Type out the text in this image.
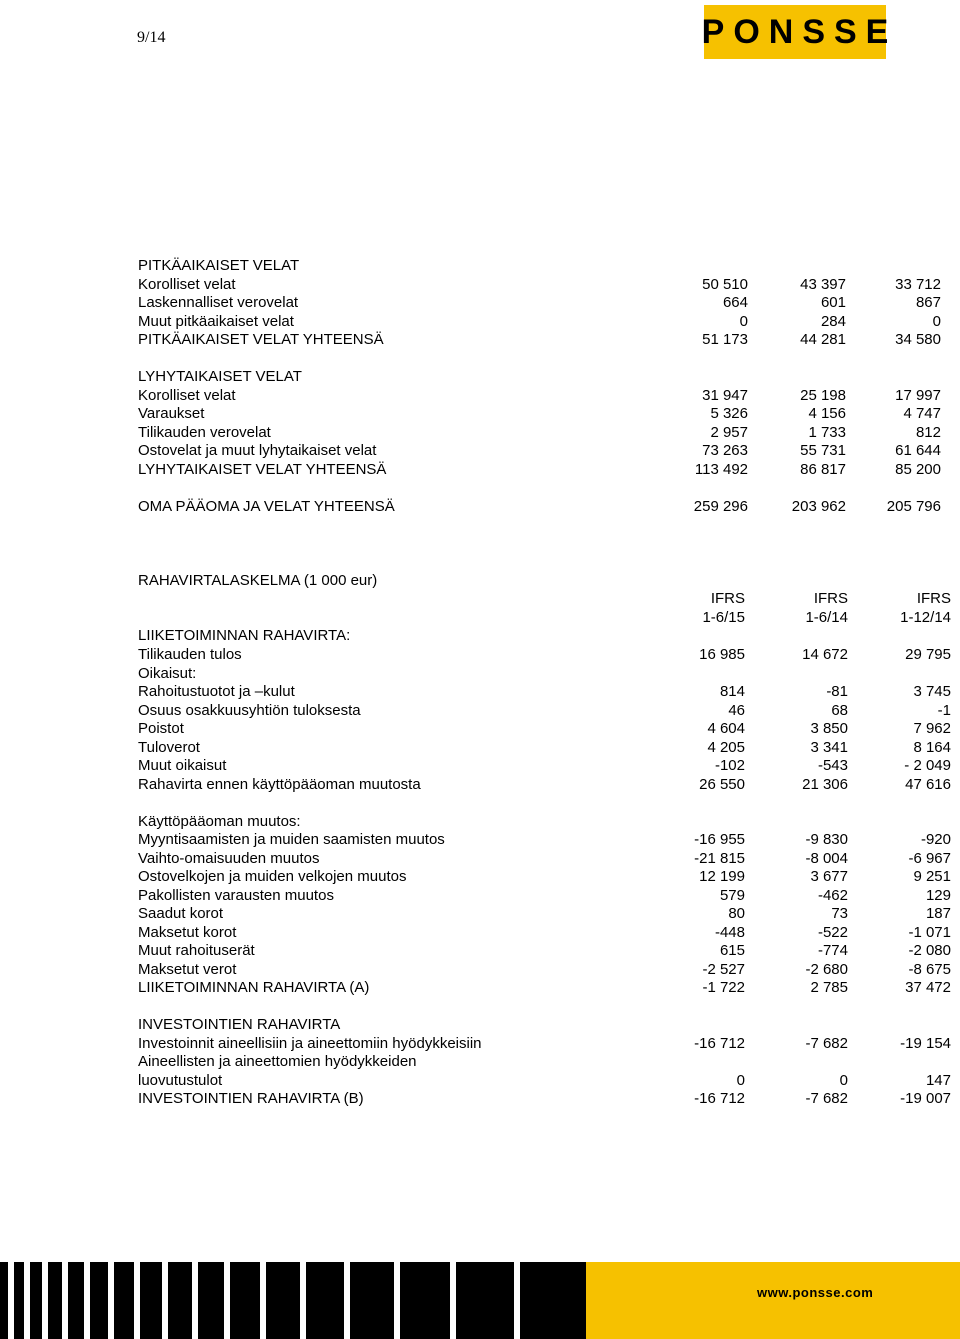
9/14	PONSSE
PITKÄAIKAISET VELAT
Korolliset velat	50 510	43 397	33 712
Laskennalliset verovelat	664	601	867
Muut pitkäaikaiset velat	0	284	0
PITKÄAIKAISET VELAT YHTEENSÄ	51 173	44 281	34 580
LYHYTAIKAISET VELAT
Korolliset velat	31 947	25 198	17 997
Varaukset	5 326	4 156	4 747
Tilikauden verovelat	2 957	1 733	812
Ostovelat ja muut lyhytaikaiset velat	73 263	55 731	61 644
LYHYTAIKAISET VELAT YHTEENSÄ	113 492	86 817	85 200
OMA PÄÄOMA JA VELAT YHTEENSÄ	259 296	203 962	205 796
RAHAVIRTALASKELMA (1 000 eur)
IFRS	IFRS	IFRS
1-6/15	1-6/14	1-12/14
LIIKETOIMINNAN RAHAVIRTA:
Tilikauden tulos	16 985	14 672	29 795
Oikaisut:
Rahoitustuotot ja –kulut	814	-81	3 745
Osuus osakkuusyhtiön tuloksesta	46	68	-1
Poistot	4 604	3 850	7 962
Tuloverot	4 205	3 341	8 164
Muut oikaisut	-102	-543	- 2 049
Rahavirta ennen käyttöpääoman muutosta	26 550	21 306	47 616
Käyttöpääoman muutos:
Myyntisaamisten ja muiden saamisten muutos	-16 955	-9 830	-920
Vaihto-omaisuuden muutos	-21 815	-8 004	-6 967
Ostovelkojen ja muiden velkojen muutos	12 199	3 677	9 251
Pakollisten varausten muutos	579	-462	129
Saadut korot	80	73	187
Maksetut korot	-448	-522	-1 071
Muut rahoituserät	615	-774	-2 080
Maksetut verot	-2 527	-2 680	-8 675
LIIKETOIMINNAN RAHAVIRTA (A)	-1 722	2 785	37 472
INVESTOINTIEN RAHAVIRTA
Investoinnit aineellisiin ja aineettomiin hyödykkeisiin	-16 712	-7 682	-19 154
Aineellisten ja aineettomien hyödykkeiden
luovutustulot	0	0	147
INVESTOINTIEN RAHAVIRTA (B)	-16 712	-7 682	-19 007
www.ponsse.com
